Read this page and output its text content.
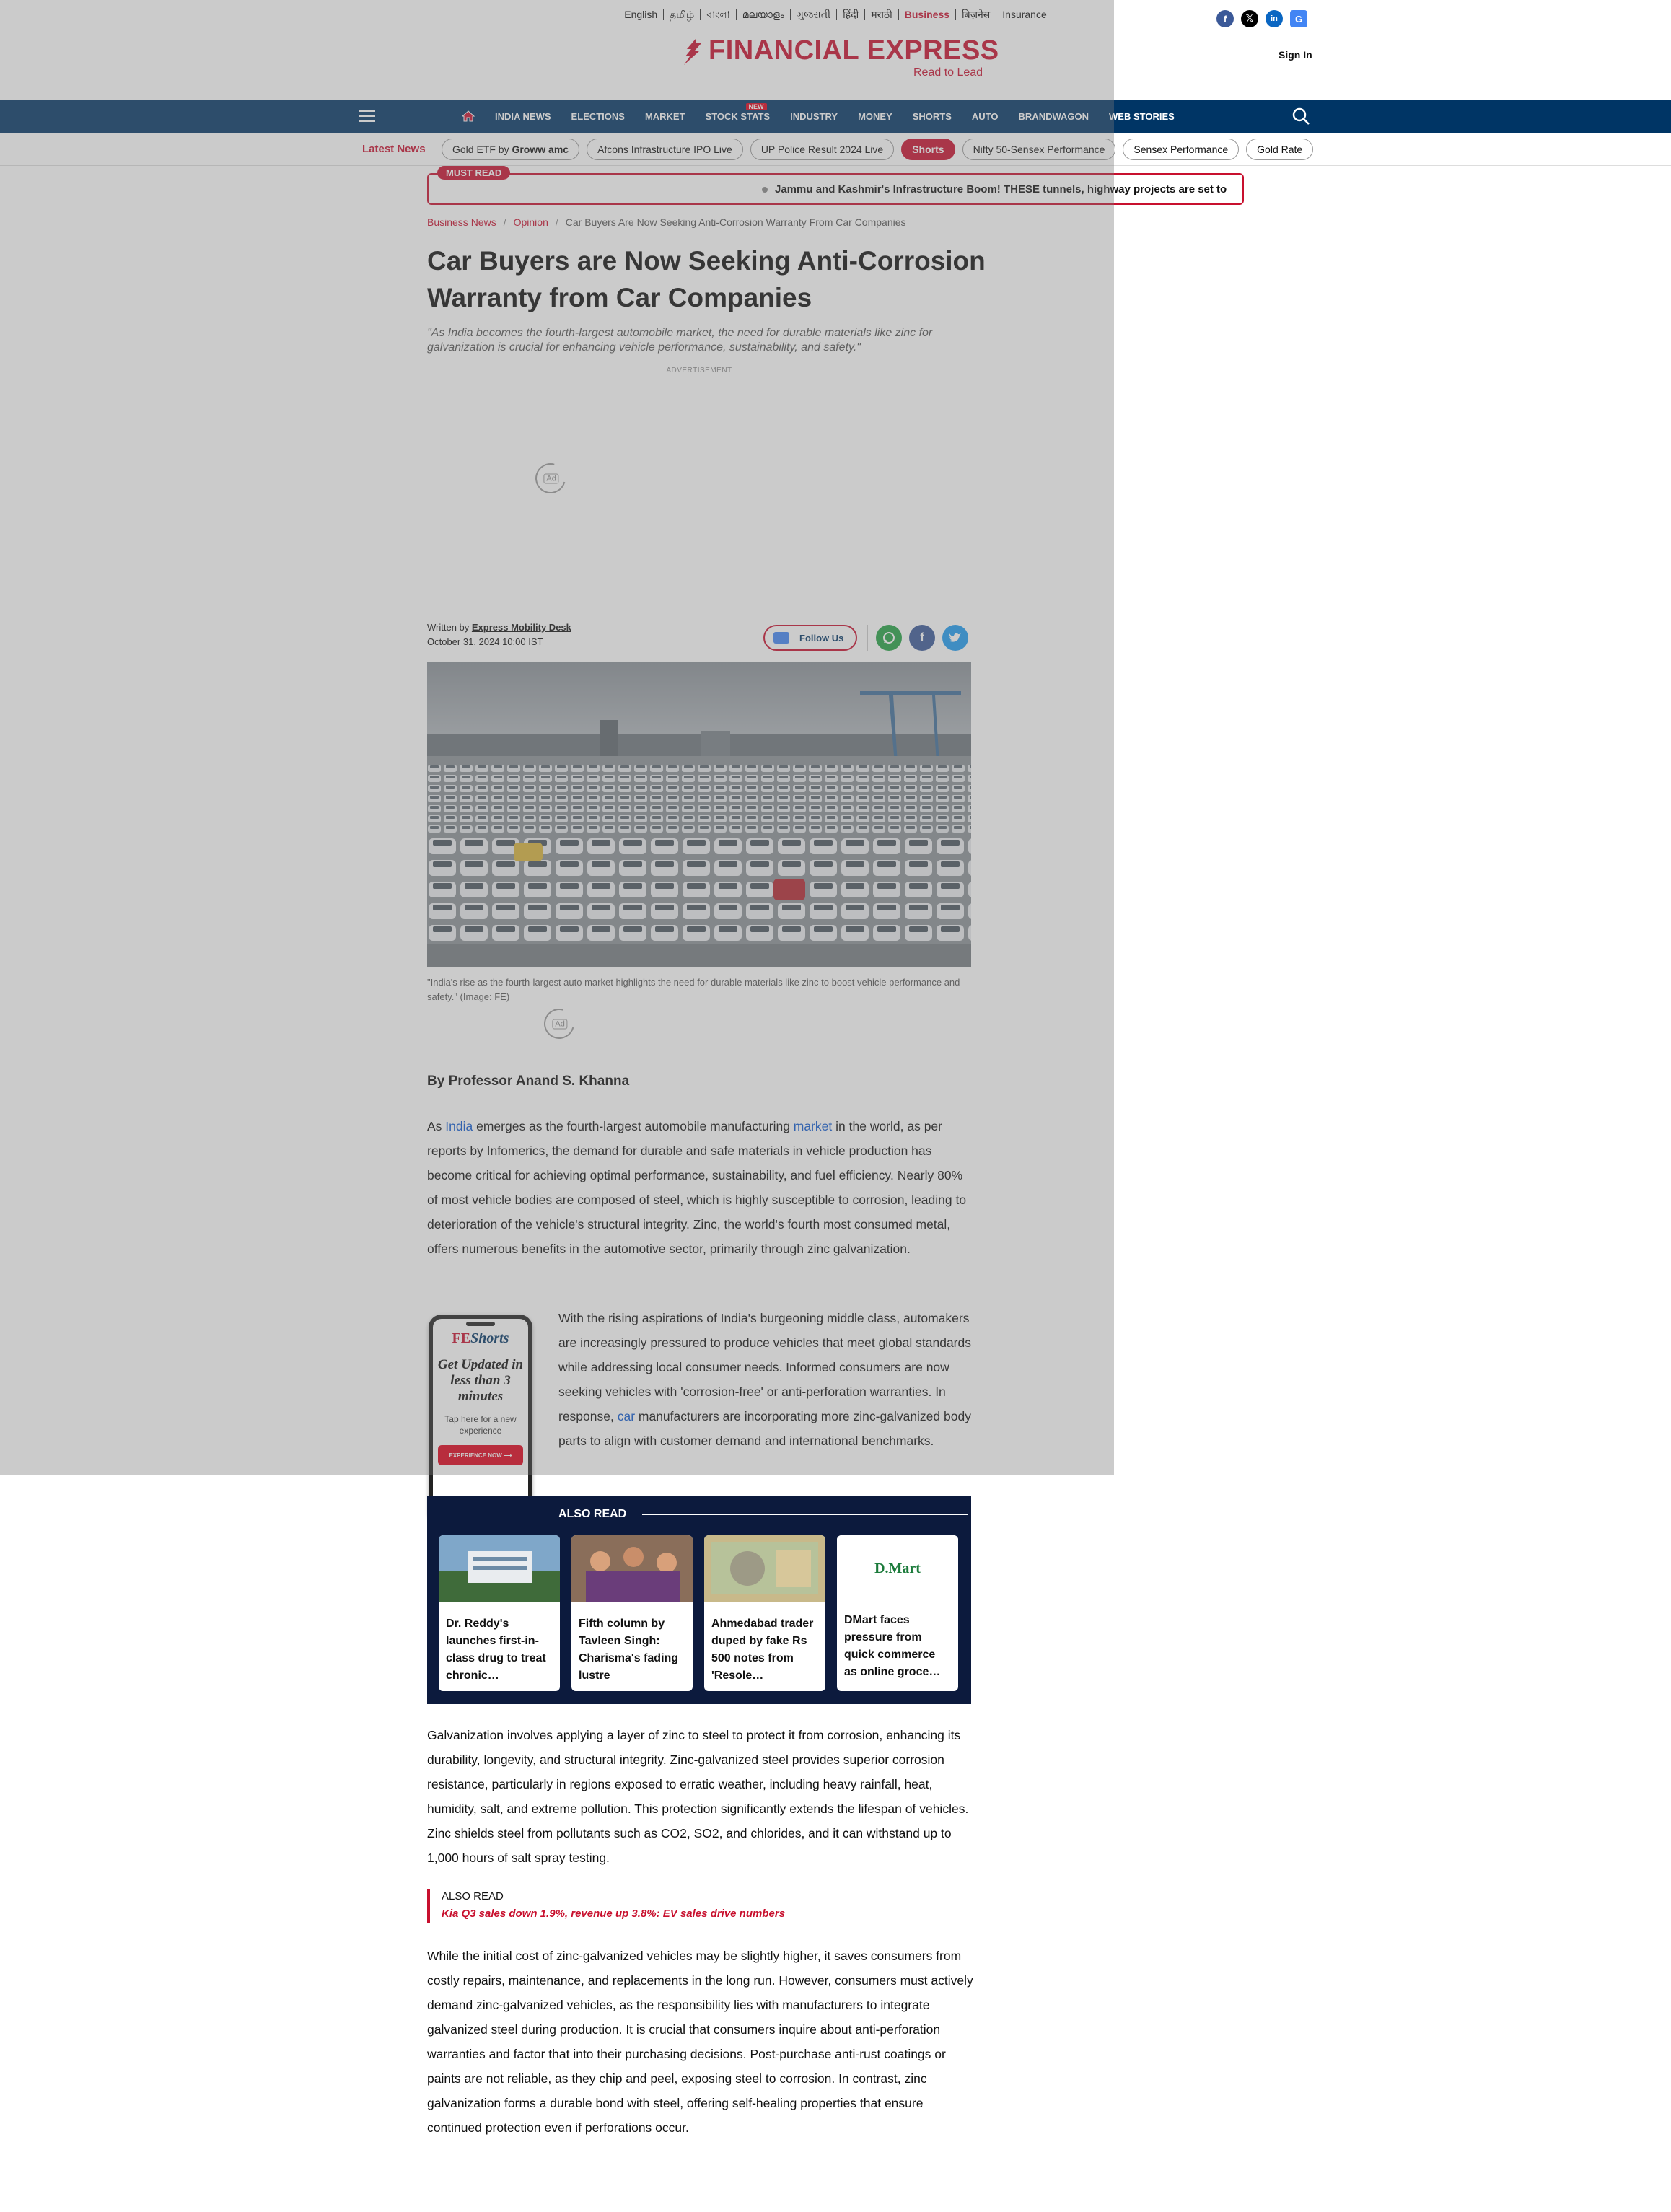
English தமிழ் বাংলা മലയാളം ગુજરાતી हिंदी मराठी Business बिज़नेस Insurance	f	𝕏	in	G
FINANCIAL EXPRESS
Read to Lead
Sign In
INDIA NEWS ELECTIONS MARKET STOCK STATS
NEW
INDUSTRY MONEY SHORTS AUTO BRANDWAGON WEB STORIES
Latest News	Gold ETF by Groww amc	Afcons Infrastructure IPO Live	UP Police Result 2024 Live	Shorts	Nifty 50-Sensex Performance	Sensex Performance	Gold Rate
MUST READ
Jammu and Kashmir's Infrastructure Boom! THESE tunnels, highway projects are set to
Business News / Opinion / Car Buyers Are Now Seeking Anti-Corrosion Warranty From Car Companies
Car Buyers are Now Seeking Anti-Corrosion Warranty from Car Companies

"As India becomes the fourth-largest automobile market, the need for durable materials like zinc for galvanization is crucial for enhancing vehicle performance, sustainability, and safety."

ADVERTISEMENT
Ad
Written by Express Mobility Desk
October 31, 2024 10:00 IST	Follow Us	f
"India's rise as the fourth-largest auto market highlights the need for durable materials like zinc to boost vehicle performance and safety." (Image: FE)
Ad
By Professor Anand S. Khanna

As India emerges as the fourth-largest automobile manufacturing market in the world, as per reports by Infomerics, the demand for durable and safe materials in vehicle production has become critical for achieving optimal performance, sustainability, and fuel efficiency. Nearly 80% of most vehicle bodies are composed of steel, which is highly susceptible to corrosion, leading to deterioration of the vehicle's structural integrity. Zinc, the world's fourth most consumed metal, offers numerous benefits in the automotive sector, primarily through zinc galvanization.

FEShorts
Get Updated in less than 3 minutes
Tap here for a new experience
EXPERIENCE NOW ⟶

With the rising aspirations of India's burgeoning middle class, automakers are increasingly pressured to produce vehicles that meet global standards while addressing local consumer needs. Informed consumers are now seeking vehicles with 'corrosion-free' or anti-perforation warranties. In response, car manufacturers are incorporating more zinc-galvanized body parts to align with customer demand and international benchmarks.

ALSO READ
Dr. Reddy's launches first-in-class drug to treat chronic…
Fifth column by Tavleen Singh: Charisma's fading lustre
Ahmedabad trader duped by fake Rs 500 notes from 'Resole…
D.Mart
DMart faces pressure from quick commerce as online groce…

Galvanization involves applying a layer of zinc to steel to protect it from corrosion, enhancing its durability, longevity, and structural integrity. Zinc-galvanized steel provides superior corrosion resistance, particularly in regions exposed to erratic weather, including heavy rainfall, heat, humidity, salt, and extreme pollution. This protection significantly extends the lifespan of vehicles. Zinc shields steel from pollutants such as CO2, SO2, and chlorides, and it can withstand up to 1,000 hours of salt spray testing.

ALSO READ
Kia Q3 sales down 1.9%, revenue up 3.8%: EV sales drive numbers

While the initial cost of zinc-galvanized vehicles may be slightly higher, it saves consumers from costly repairs, maintenance, and replacements in the long run. However, consumers must actively demand zinc-galvanized vehicles, as the responsibility lies with manufacturers to integrate galvanized steel during production. It is crucial that consumers inquire about anti-perforation warranties and factor that into their purchasing decisions. Post-purchase anti-rust coatings or paints are not reliable, as they chip and peel, exposing steel to corrosion. In contrast, zinc galvanization forms a durable bond with steel, offering self-healing properties that ensure continued protection even if perforations occur.
